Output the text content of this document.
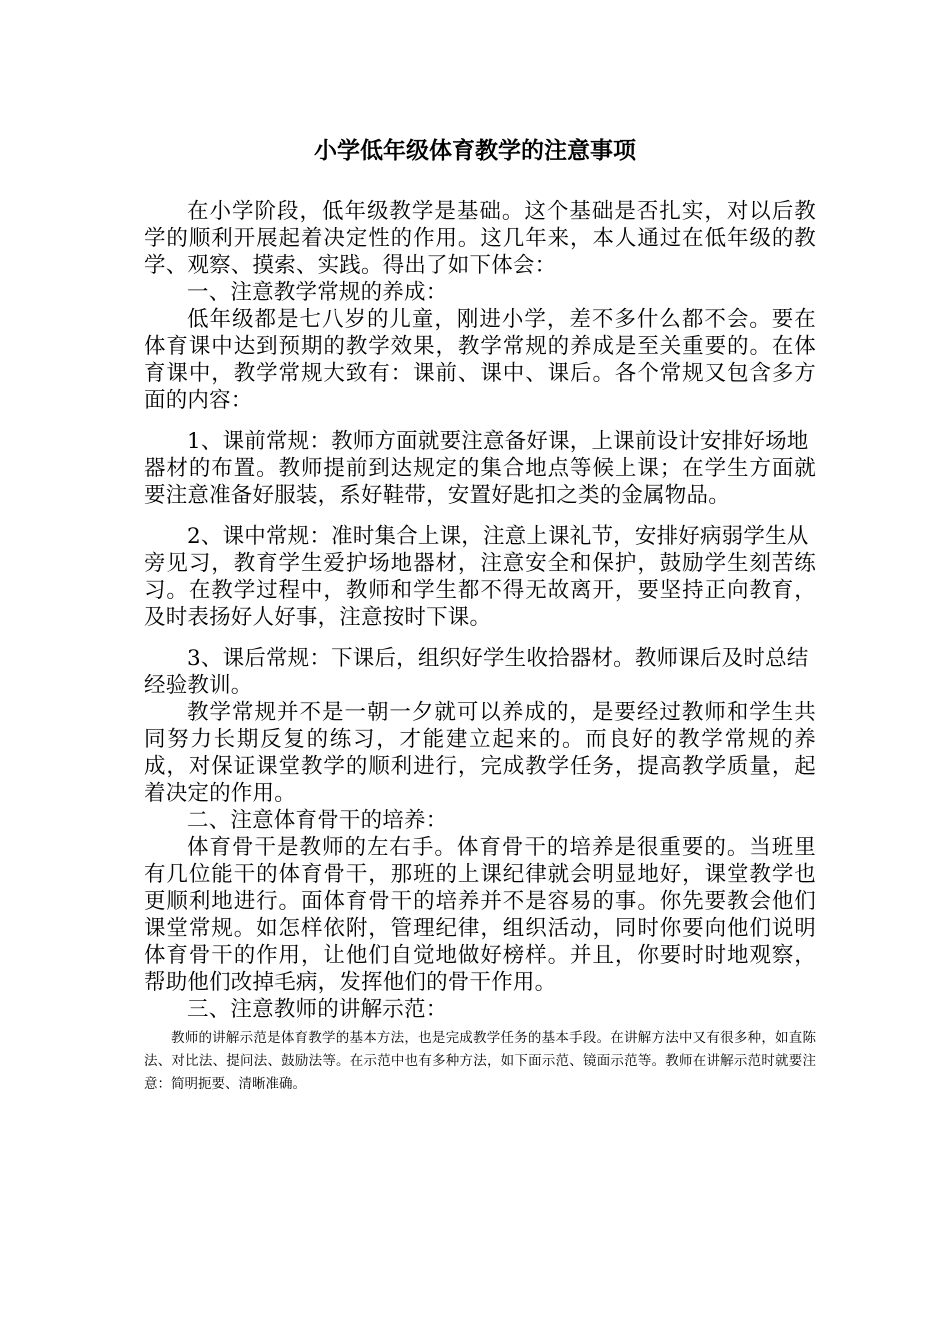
小学低年级体育教学的注意事项

在小学阶段，低年级教学是基础。这个基础是否扎实，对以后教学的顺利开展起着决定性的作用。这几年来，本人通过在低年级的教学、观察、摸索、实践。得出了如下体会：

一、注意教学常规的养成：

低年级都是七八岁的儿童，刚进小学，差不多什么都不会。要在体育课中达到预期的教学效果，教学常规的养成是至关重要的。在体育课中，教学常规大致有：课前、课中、课后。各个常规又包含多方面的内容：

1、课前常规：教师方面就要注意备好课，上课前设计安排好场地

器材的布置。教师提前到达规定的集合地点等候上课；在学生方面就要注意准备好服装，系好鞋带，安置好匙扣之类的金属物品。

2、课中常规：准时集合上课，注意上课礼节，安排好病弱学生从

旁见习，教育学生爱护场地器材，注意安全和保护，鼓励学生刻苦练习。在教学过程中，教师和学生都不得无故离开，要坚持正向教育，及时表扬好人好事，注意按时下课。

3、课后常规：下课后，组织好学生收拾器材。教师课后及时总结

经验教训。

教学常规并不是一朝一夕就可以养成的，是要经过教师和学生共同努力长期反复的练习，才能建立起来的。而良好的教学常规的养成，对保证课堂教学的顺利进行，完成教学任务，提高教学质量，起着决定的作用。

二、注意体育骨干的培养：

体育骨干是教师的左右手。体育骨干的培养是很重要的。当班里有几位能干的体育骨干，那班的上课纪律就会明显地好，课堂教学也更顺利地进行。面体育骨干的培养并不是容易的事。你先要教会他们课堂常规。如怎样依附，管理纪律，组织活动，同时你要向他们说明体育骨干的作用，让他们自觉地做好榜样。并且，你要时时地观察，帮助他们改掉毛病，发挥他们的骨干作用。

三、注意教师的讲解示范：

教师的讲解示范是体育教学的基本方法，也是完成教学任务的基本手段。在讲解方法中又有很多种，如直陈法、对比法、提问法、鼓励法等。在示范中也有多种方法，如下面示范、镜面示范等。教师在讲解示范时就要注意：简明扼要、清晰准确。
